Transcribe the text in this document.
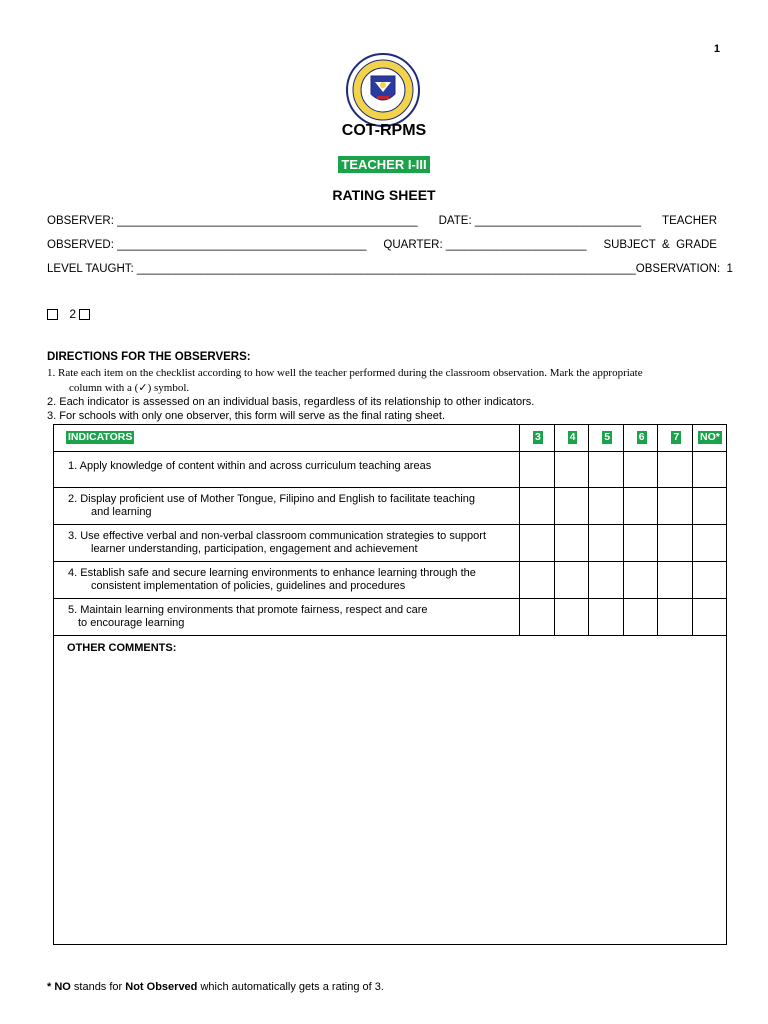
1
COT-RPMS
TEACHER I-III
RATING SHEET
OBSERVER: _______________________________________________ DATE: __________________________ TEACHER
OBSERVED: _______________________________________ QUARTER: ______________________ SUBJECT  &  GRADE
LEVEL TAUGHT: ______________________________________________________________________________ OBSERVATION:  1
2
DIRECTIONS FOR THE OBSERVERS:
1. Rate each item on the checklist according to how well the teacher performed during the classroom observation. Mark the appropriate
column with a (✓) symbol.
2. Each indicator is assessed on an individual basis, regardless of its relationship to other indicators.
3. For schools with only one observer, this form will serve as the final rating sheet.
INDICATORS	3	4	5	6	7 NO*
1. Apply knowledge of content within and across curriculum teaching areas
2. Display proficient use of Mother Tongue, Filipino and English to facilitate teaching
and learning
3. Use effective verbal and non-verbal classroom communication strategies to support
learner understanding, participation, engagement and achievement
4. Establish safe and secure learning environments to enhance learning through the
consistent implementation of policies, guidelines and procedures
5. Maintain learning environments that promote fairness, respect and care
to encourage learning
OTHER COMMENTS:
* NO stands for Not Observed which automatically gets a rating of 3.
